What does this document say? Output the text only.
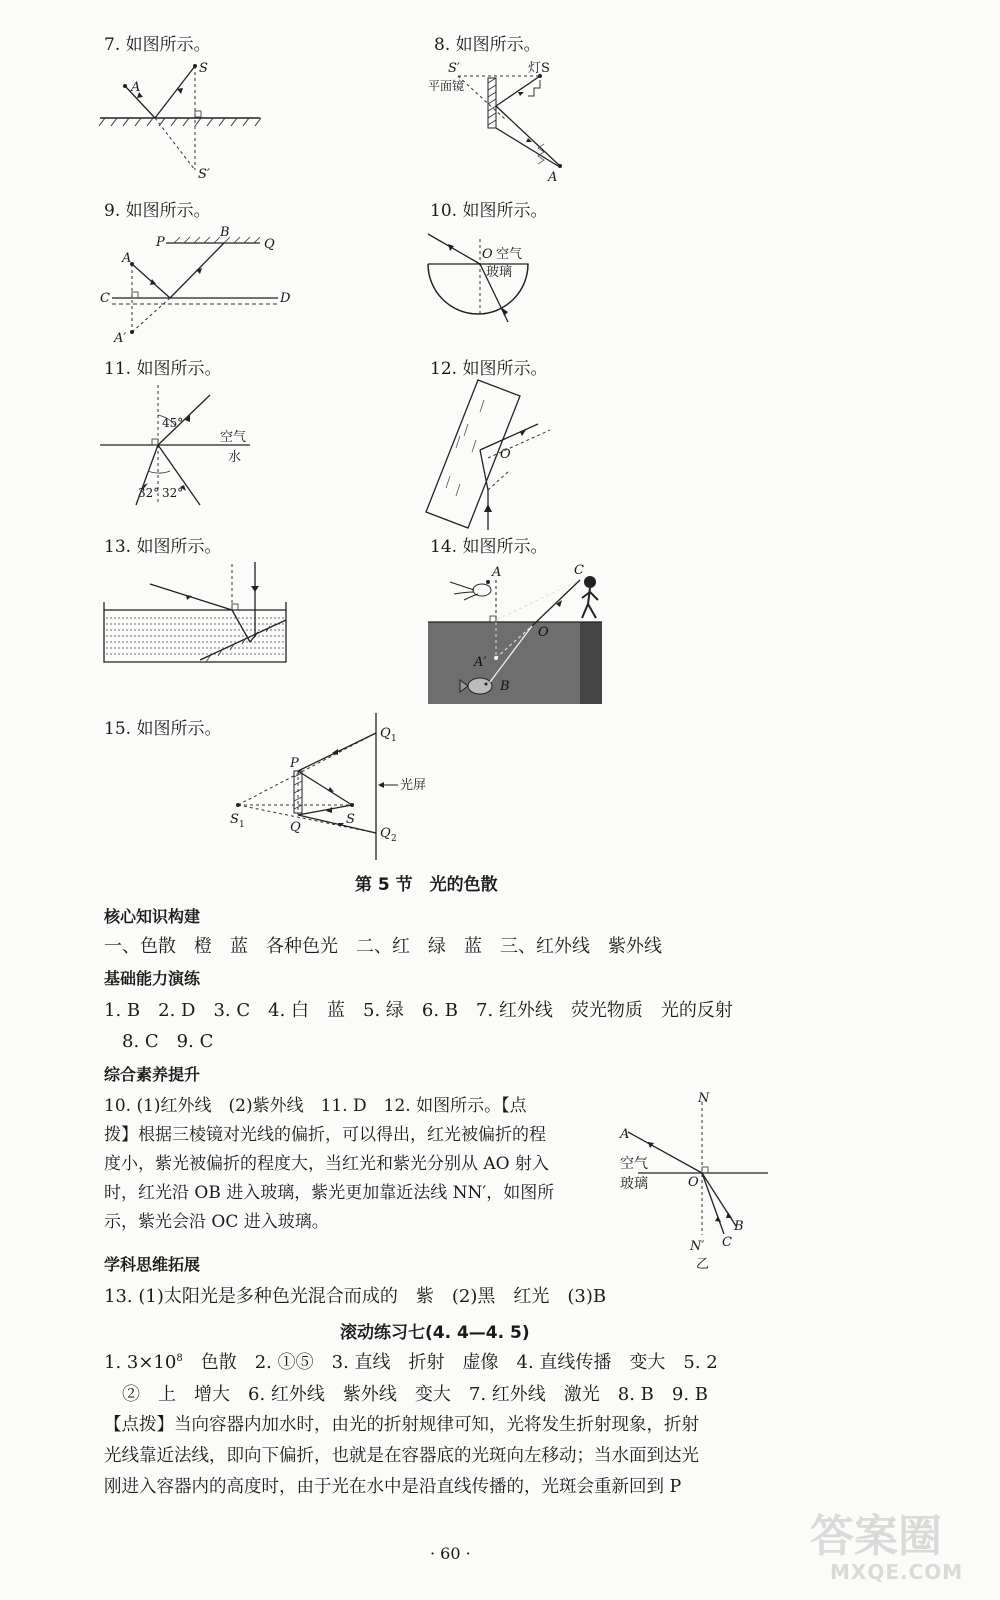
7. 如图所示。
A
S
S′
8. 如图所示。
S′	灯S
平面镜
A
9. 如图所示。
P
B
Q
A
C	D
A′
10. 如图所示。
O 空气
玻璃
11. 如图所示。
45°
空气
水
32° 32°
12. 如图所示。
O
13. 如图所示。	14. 如图所示。
A	C
O
A′
B
15. 如图所示。	Q 1
P
光屏
S 1	Q
S
Q 2
第 5 节　光的色散
核心知识构建
一、色散　橙　蓝　各种色光　二、红　绿　蓝　三、红外线　紫外线
基础能力演练
1. B　2. D　3. C　4. 白　蓝　5. 绿　6. B　7. 红外线　荧光物质　光的反射
8. C　9. C
综合素养提升
10. (1)红外线　(2)紫外线　11. D　12. 如图所示。【点
拨】根据三棱镜对光线的偏折，可以得出，红光被偏折的程
度小，紫光被偏折的程度大，当红光和紫光分别从 AO 射入
时，红光沿 OB 进入玻璃，紫光更加靠近法线 NN′，如图所
示，紫光会沿 OC 进入玻璃。
N
A
空气
玻璃	O
B
C
N′
乙
学科思维拓展
13. (1)太阳光是多种色光混合而成的　紫　(2)黑　红光　(3)B
滚动练习七(4. 4—4. 5)
1. $3\times 10^8$　色散　2. ①⑤　3. 直线　折射　虚像　4. 直线传播　变大　5. 2
②　上　增大　6. 红外线　紫外线　变大　7. 红外线　激光　8. B　9. B
【点拨】当向容器内加水时，由光的折射规律可知，光将发生折射现象，折射
光线靠近法线，即向下偏折，也就是在容器底的光斑向左移动；当水面到达光
刚进入容器内的高度时，由于光在水中是沿直线传播的，光斑会重新回到 P
· 60 ·	答案圈
MXQE.COM
